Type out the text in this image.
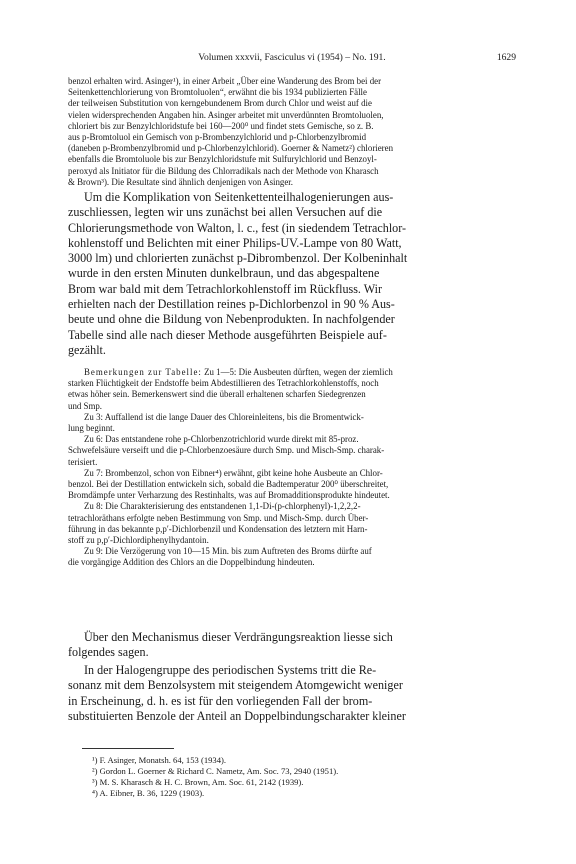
Volumen xxxvii, Fasciculus vi (1954) – No. 191.	1629

benzol erhalten wird. Asinger¹), in einer Arbeit „Über eine Wanderung des Brom bei der

Seitenkettenchlorierung von Bromtoluolen“, erwähnt die bis 1934 publizierten Fälle

der teilweisen Substitution von kerngebundenem Brom durch Chlor und weist auf die

vielen widersprechenden Angaben hin. Asinger arbeitet mit unverdünnten Bromtoluolen,

chloriert bis zur Benzylchloridstufe bei 160—200⁰ und findet stets Gemische, so z. B.

aus p-Bromtoluol ein Gemisch von p-Brombenzylchlorid und p-Chlorbenzylbromid

(daneben p-Brombenzylbromid und p-Chlorbenzylchlorid). Goerner & Nametz²) chlorieren

ebenfalls die Bromtoluole bis zur Benzylchloridstufe mit Sulfurylchlorid und Benzoyl-

peroxyd als Initiator für die Bildung des Chlorradikals nach der Methode von Kharasch

& Brown³). Die Resultate sind ähnlich denjenigen von Asinger.

Um die Komplikation von Seitenkettenteilhalogenierungen aus-

zuschliessen, legten wir uns zunächst bei allen Versuchen auf die

Chlorierungsmethode von Walton, l. c., fest (in siedendem Tetrachlor-

kohlenstoff und Belichten mit einer Philips-UV.-Lampe von 80 Watt,

3000 lm) und chlorierten zunächst p-Dibrombenzol. Der Kolbeninhalt

wurde in den ersten Minuten dunkelbraun, und das abgespaltene

Brom war bald mit dem Tetrachlorkohlenstoff im Rückfluss. Wir

erhielten nach der Destillation reines p-Dichlorbenzol in 90 % Aus-

beute und ohne die Bildung von Nebenprodukten. In nachfolgender

Tabelle sind alle nach dieser Methode ausgeführten Beispiele auf-

gezählt.

Bemerkungen zur Tabelle: Zu 1—5: Die Ausbeuten dürften, wegen der ziemlich

starken Flüchtigkeit der Endstoffe beim Abdestillieren des Tetrachlorkohlenstoffs, noch

etwas höher sein. Bemerkenswert sind die überall erhaltenen scharfen Siedegrenzen

und Smp.

Zu 3: Auffallend ist die lange Dauer des Chloreinleitens, bis die Bromentwick-

lung beginnt.

Zu 6: Das entstandene rohe p-Chlorbenzotrichlorid wurde direkt mit 85-proz.

Schwefelsäure verseift und die p-Chlorbenzoesäure durch Smp. und Misch-Smp. charak-

terisiert.

Zu 7: Brombenzol, schon von Eibner⁴) erwähnt, gibt keine hohe Ausbeute an Chlor-

benzol. Bei der Destillation entwickeln sich, sobald die Badtemperatur 200⁰ überschreitet,

Bromdämpfe unter Verharzung des Restinhalts, was auf Bromadditionsprodukte hindeutet.

Zu 8: Die Charakterisierung des entstandenen 1,1-Di-(p-chlorphenyl)-1,2,2,2-

tetrachloräthans erfolgte neben Bestimmung von Smp. und Misch-Smp. durch Über-

führung in das bekannte p,p′-Dichlorbenzil und Kondensation des letztern mit Harn-

stoff zu p,p′-Dichlordiphenylhydantoin.

Zu 9: Die Verzögerung von 10—15 Min. bis zum Auftreten des Broms dürfte auf

die vorgängige Addition des Chlors an die Doppelbindung hindeuten.

Über den Mechanismus dieser Verdrängungsreaktion liesse sich

folgendes sagen.

In der Halogengruppe des periodischen Systems tritt die Re-

sonanz mit dem Benzolsystem mit steigendem Atomgewicht weniger

in Erscheinung, d. h. es ist für den vorliegenden Fall der brom-

substituierten Benzole der Anteil an Doppelbindungscharakter kleiner

¹) F. Asinger, Monatsh. 64, 153 (1934).

²) Gordon L. Goerner & Richard C. Nametz, Am. Soc. 73, 2940 (1951).

³) M. S. Kharasch & H. C. Brown, Am. Soc. 61, 2142 (1939).

⁴) A. Eibner, B. 36, 1229 (1903).
